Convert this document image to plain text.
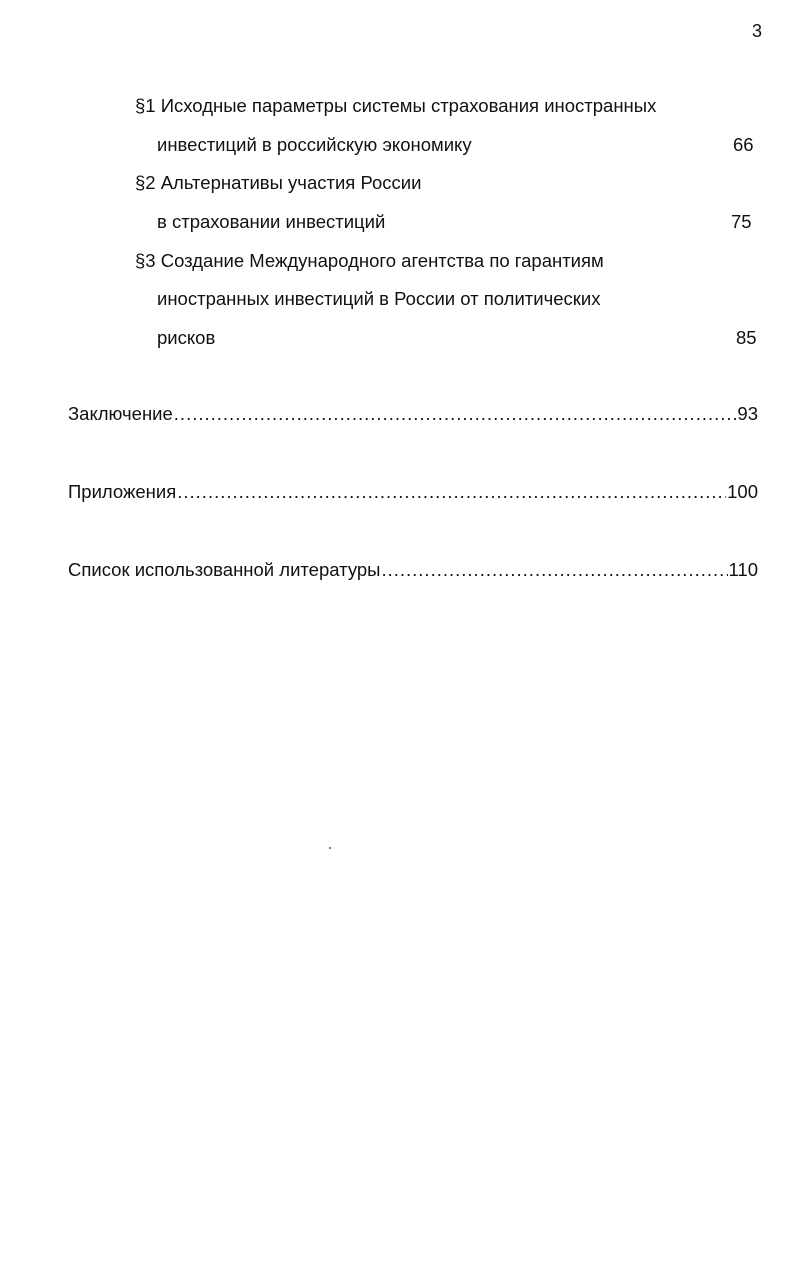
3
§1 Исходные параметры системы страхования иностранных
инвестиций в российскую экономику	66
§2 Альтернативы участия России
в страховании инвестиций	75
§3 Создание Международного агентства по гарантиям
иностранных инвестиций в России от политических
рисков	85
Заключение .....	93
Приложения .....	100
Список использованной литературы .....	110
